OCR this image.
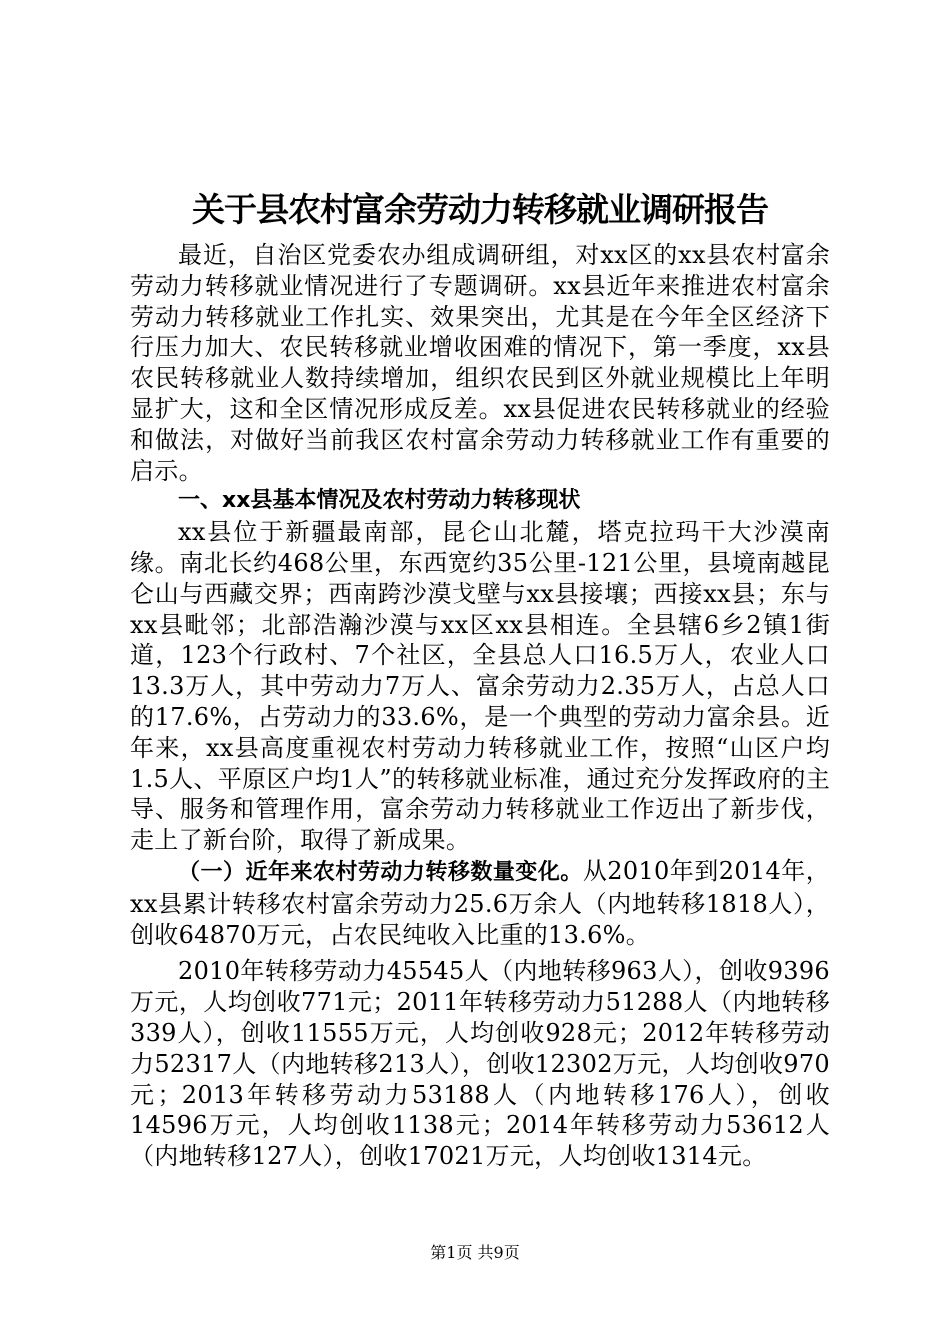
关于县农村富余劳动力转移就业调研报告

最近，自治区党委农办组成调研组，对xx区的xx县农村富余劳动力转移就业情况进行了专题调研。xx县近年来推进农村富余劳动力转移就业工作扎实、效果突出，尤其是在今年全区经济下行压力加大、农民转移就业增收困难的情况下，第一季度，xx县农民转移就业人数持续增加，组织农民到区外就业规模比上年明显扩大，这和全区情况形成反差。xx县促进农民转移就业的经验和做法，对做好当前我区农村富余劳动力转移就业工作有重要的启示。

一、xx县基本情况及农村劳动力转移现状

xx县位于新疆最南部，昆仑山北麓，塔克拉玛干大沙漠南缘。南北长约468公里，东西宽约35公里-121公里，县境南越昆仑山与西藏交界；西南跨沙漠戈壁与xx县接壤；西接xx县；东与xx县毗邻；北部浩瀚沙漠与xx区xx县相连。全县辖6乡2镇1街道，123个行政村、7个社区，全县总人口16.5万人，农业人口13.3万人，其中劳动力7万人、富余劳动力2.35万人，占总人口的17.6%，占劳动力的33.6%，是一个典型的劳动力富余县。近年来，xx县高度重视农村劳动力转移就业工作，按照“山区户均1.5人、平原区户均1人”的转移就业标准，通过充分发挥政府的主导、服务和管理作用，富余劳动力转移就业工作迈出了新步伐，走上了新台阶，取得了新成果。

（一）近年来农村劳动力转移数量变化。从2010年到2014年，xx县累计转移农村富余劳动力25.6万余人（内地转移1818人），创收64870万元，占农民纯收入比重的13.6%。

2010年转移劳动力45545人（内地转移963人），创收9396万元，人均创收771元；2011年转移劳动力51288人（内地转移339人），创收11555万元，人均创收928元；2012年转移劳动力52317人（内地转移213人），创收12302万元，人均创收970元；2013年转移劳动力53188人（内地转移176人），创收14596万元，人均创收1138元；2014年转移劳动力53612人（内地转移127人），创收17021万元，人均创收1314元。

第1页 共9页
